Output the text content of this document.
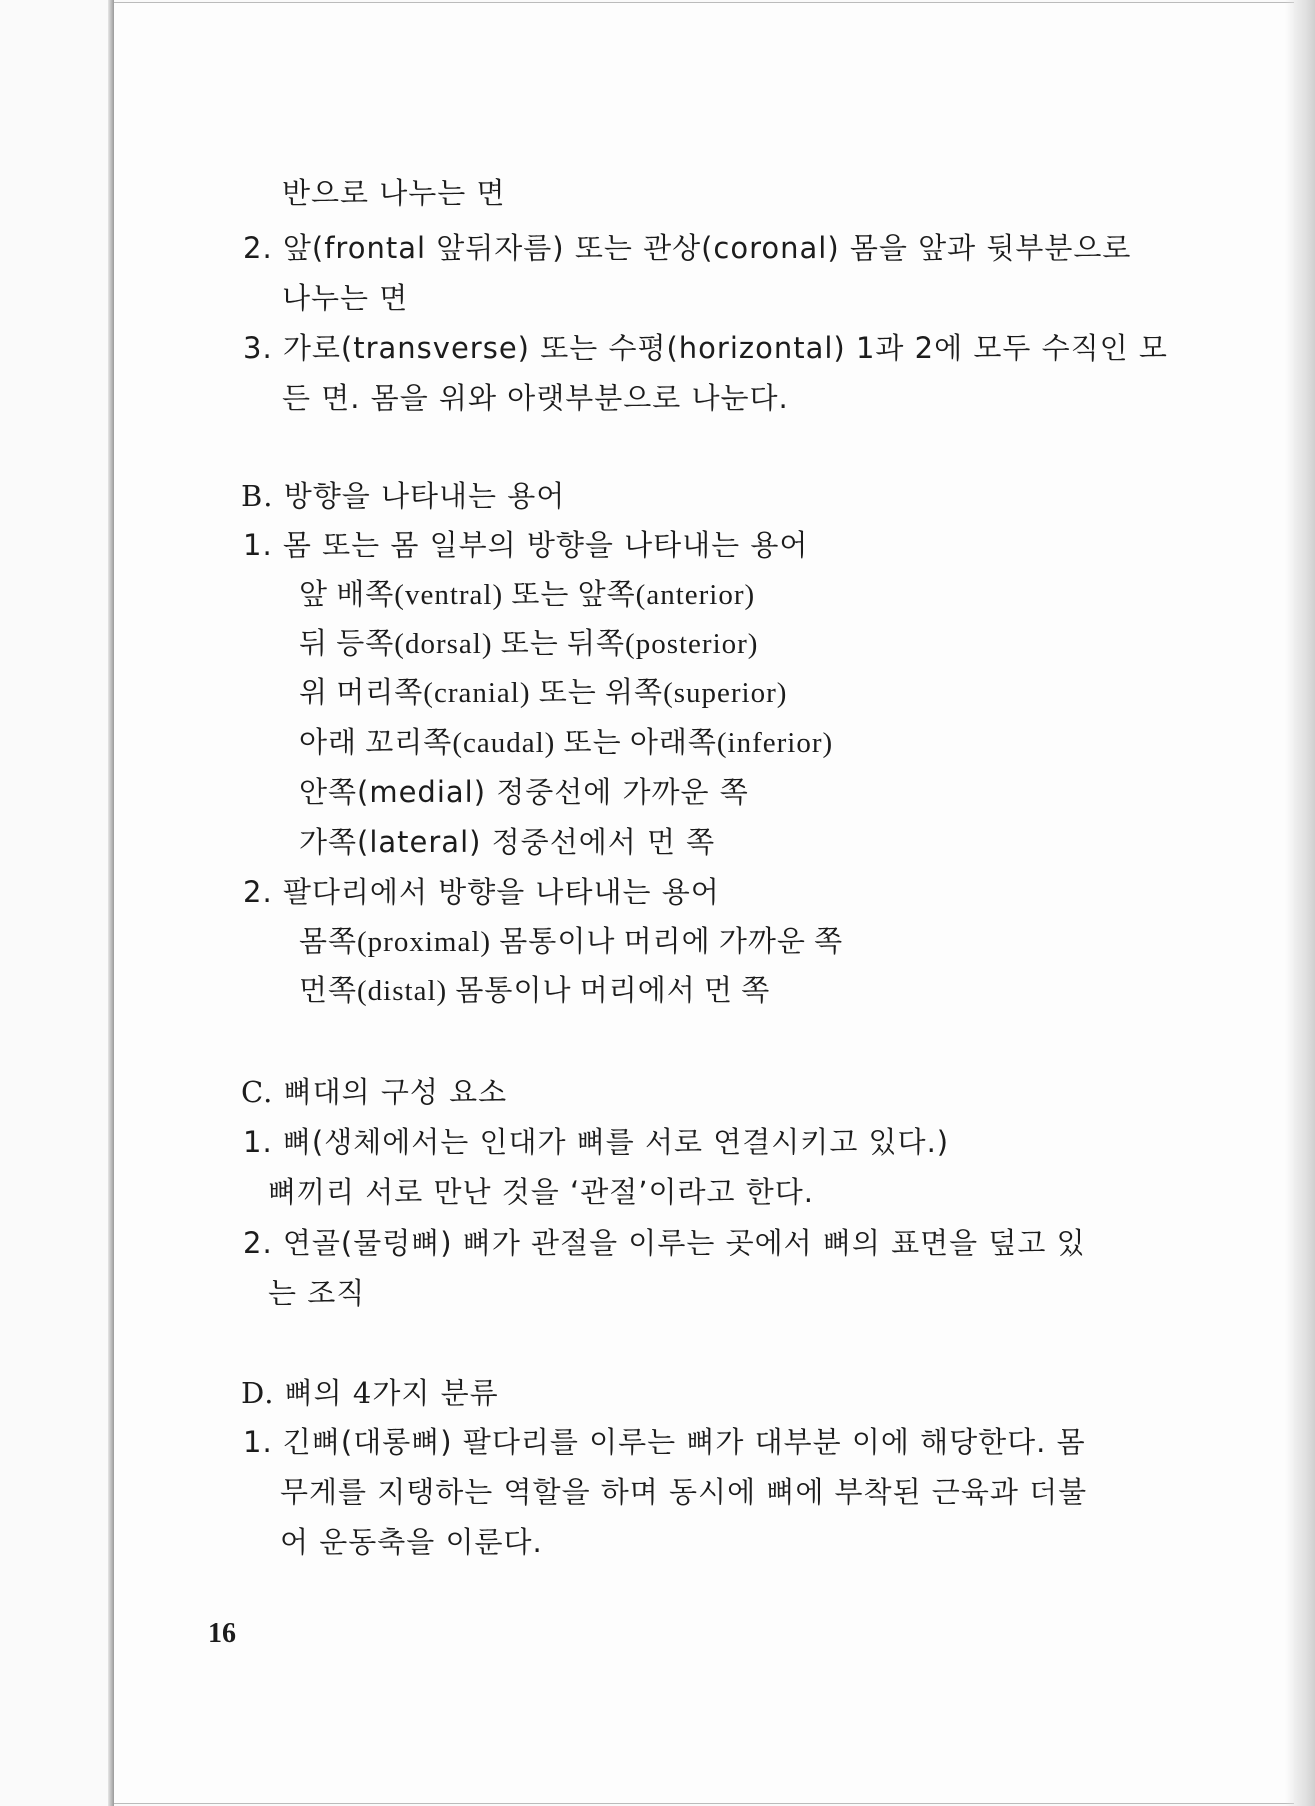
반으로 나누는 면
2. 앞(frontal 앞뒤자름) 또는 관상(coronal) 몸을 앞과 뒷부분으로
나누는 면
3. 가로(transverse) 또는 수평(horizontal) 1과 2에 모두 수직인 모
든 면. 몸을 위와 아랫부분으로 나눈다.
B. 방향을 나타내는 용어
1. 몸 또는 몸 일부의 방향을 나타내는 용어
앞 배쪽(ventral) 또는 앞쪽(anterior)
뒤 등쪽(dorsal) 또는 뒤쪽(posterior)
위 머리쪽(cranial) 또는 위쪽(superior)
아래 꼬리쪽(caudal) 또는 아래쪽(inferior)
안쪽(medial) 정중선에 가까운 쪽
가쪽(lateral) 정중선에서 먼 쪽
2. 팔다리에서 방향을 나타내는 용어
몸쪽(proximal) 몸통이나 머리에 가까운 쪽
먼쪽(distal) 몸통이나 머리에서 먼 쪽
C. 뼈대의 구성 요소
1. 뼈(생체에서는 인대가 뼈를 서로 연결시키고 있다.)
뼈끼리 서로 만난 것을 ‘관절’이라고 한다.
2. 연골(물렁뼈) 뼈가 관절을 이루는 곳에서 뼈의 표면을 덮고 있
는 조직
D. 뼈의 4가지 분류
1. 긴뼈(대롱뼈) 팔다리를 이루는 뼈가 대부분 이에 해당한다. 몸
무게를 지탱하는 역할을 하며 동시에 뼈에 부착된 근육과 더불
어 운동축을 이룬다.
16
